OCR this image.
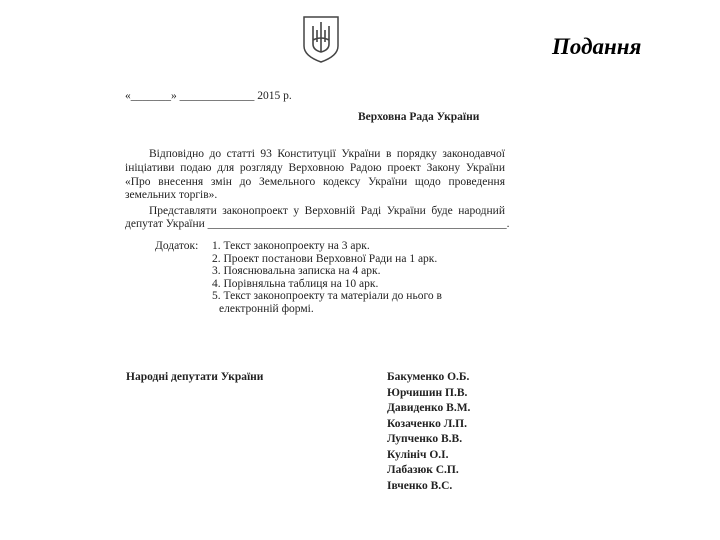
Подання
«_______» _____________ 2015 р.
Верховна Рада України
Відповідно до статті 93 Конституції України в порядку законодавчої
ініціативи подаю для розгляду Верховною Радою проект Закону України
«Про внесення змін до Земельного кодексу України щодо проведення
земельних торгів».
Представляти законопроект у Верховній Раді України буде народний
депутат України ____________________________________________________.
Додаток: 1. Текст законопроекту на 3 арк.
2. Проект постанови Верховної Ради на 1 арк.
3. Пояснювальна записка на 4 арк.
4. Порівняльна таблиця на 10 арк.
5. Текст законопроекту та матеріали до нього в
електронній формі.
Народні депутати України	Бакуменко О.Б.
Юрчишин П.В.
Давиденко В.М.
Козаченко Л.П.
Лупченко В.В.
Кулініч О.І.
Лабазюк С.П.
Івченко В.С.
